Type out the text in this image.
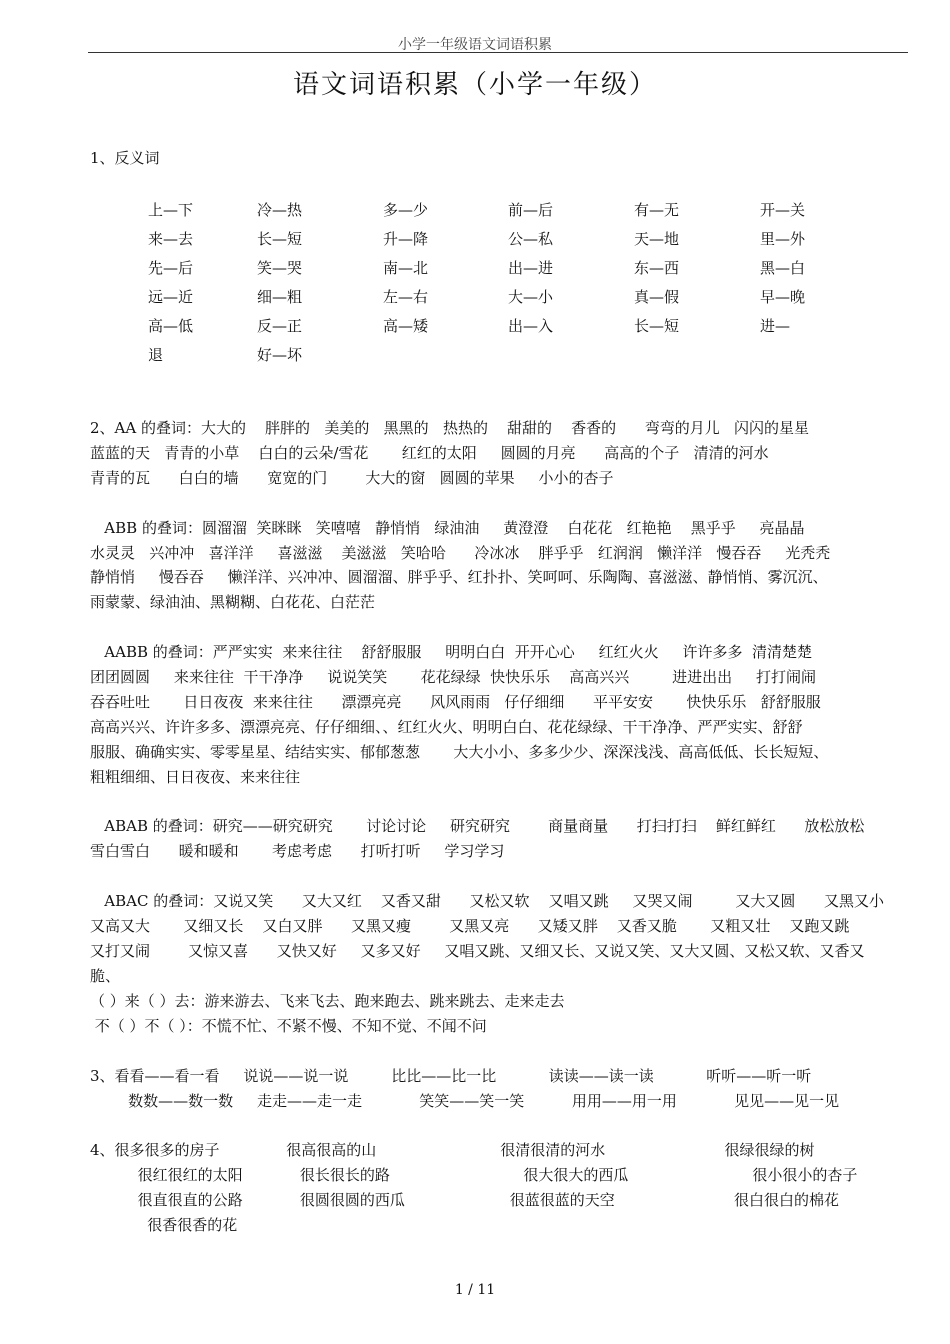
小学一年级语文词语积累
语文词语积累（小学一年级）
1、反义词
上—下	冷—热	多—少	前—后	有—无	开—关
来—去	长—短	升—降	公—私	天—地	里—外
先—后	笑—哭	南—北	出—进	东—西	黑—白
远—近	细—粗	左—右	大—小	真—假	早—晚
高—低	反—正	高—矮	出—入	长—短	进—
退	好—坏
2、AA 的叠词：大大的    胖胖的   美美的   黑黑的   热热的    甜甜的    香香的      弯弯的月儿   闪闪的星星
蓝蓝的天   青青的小草    白白的云朵/雪花       红红的太阳     圆圆的月亮      高高的个子   清清的河水
青青的瓦      白白的墙      宽宽的门        大大的窗   圆圆的苹果     小小的杏子
ABB 的叠词：圆溜溜  笑眯眯   笑嘻嘻   静悄悄   绿油油     黄澄澄    白花花   红艳艳    黑乎乎     亮晶晶
水灵灵   兴冲冲   喜洋洋     喜滋滋    美滋滋   笑哈哈      冷冰冰    胖乎乎   红润润   懒洋洋   慢吞吞     光秃秃
静悄悄     慢吞吞     懒洋洋、兴冲冲、圆溜溜、胖乎乎、红扑扑、笑呵呵、乐陶陶、喜滋滋、静悄悄、雾沉沉、
雨蒙蒙、绿油油、黑糊糊、白花花、白茫茫
AABB 的叠词：严严实实  来来往往    舒舒服服     明明白白  开开心心     红红火火     许许多多  清清楚楚
团团圆圆     来来往往  干干净净     说说笑笑       花花绿绿  快快乐乐    高高兴兴         进进出出     打打闹闹
吞吞吐吐       日日夜夜  来来往往      漂漂亮亮      风风雨雨   仔仔细细      平平安安       快快乐乐   舒舒服服
高高兴兴、许许多多、漂漂亮亮、仔仔细细、、红红火火、明明白白、花花绿绿、干干净净、严严实实、舒舒
服服、确确实实、零零星星、结结实实、郁郁葱葱       大大小小、多多少少、深深浅浅、高高低低、长长短短、
粗粗细细、日日夜夜、来来往往
ABAB 的叠词：研究——研究研究       讨论讨论     研究研究        商量商量      打扫打扫    鲜红鲜红      放松放松
雪白雪白      暖和暖和       考虑考虑      打听打听     学习学习
ABAC 的叠词：又说又笑      又大又红    又香又甜      又松又软    又唱又跳     又哭又闹         又大又圆      又黑又小
又高又大       又细又长    又白又胖      又黑又瘦        又黑又亮      又矮又胖    又香又脆       又粗又壮    又跑又跳
又打又闹        又惊又喜      又快又好     又多又好     又唱又跳、又细又长、又说又笑、又大又圆、又松又软、又香又
脆、
（ ）来（ ）去：游来游去、飞来飞去、跑来跑去、跳来跳去、走来走去
不（ ）不（ ）：不慌不忙、不紧不慢、不知不觉、不闻不问
3、看看——看一看     说说——说一说         比比——比一比           读读——读一读           听听——听一听
数数——数一数     走走——走一走            笑笑——笑一笑          用用——用一用            见见——见一见
4、很多很多的房子              很高很高的山                          很清很清的河水                         很绿很绿的树
很红很红的太阳            很长很长的路                            很大很大的西瓜                          很小很小的杏子
很直很直的公路            很圆很圆的西瓜                      很蓝很蓝的天空                         很白很白的棉花
很香很香的花
1 / 11
